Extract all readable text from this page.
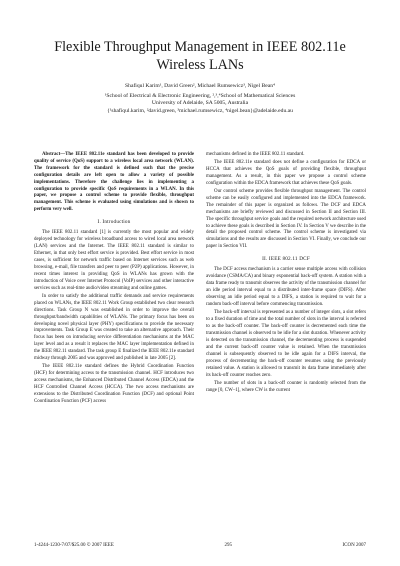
Flexible Throughput Management in IEEE 802.11e Wireless LANs
Shafiqul Karim¹, David Green², Michael Rumsewicz³, Nigel Bean⁴
¹School of Electrical & Electronic Engineering, ²,³,⁴School of Mathematical Sciences
University of Adelaide, SA 5005, Australia
{¹shafiqul.karim, ²david.green, ³michael.rumsewicz, ⁴nigel.bean}@adelaide.edu.au

Abstract—The IEEE 802.11e standard has been developed to provide quality of service (QoS) support to a wireless local area network (WLAN). The framework for the standard is defined such that the precise configuration details are left open to allow a variety of possible implementations. Therefore the challenge lies in implementing a configuration to provide specific QoS requirements in a WLAN. In this paper, we propose a control scheme to provide flexible, throughput management. This scheme is evaluated using simulations and is shown to perform very well.

I. Introduction

The IEEE 802.11 standard [1] is currently the most popular and widely deployed technology for wireless broadband access to wired local area network (LAN) services and the Internet. The IEEE 802.11 standard is similar to Ethernet, in that only best effort service is provided. Best effort service in most cases, is sufficient for network traffic based on Internet services such as web browsing, e-mail, file transfers and peer to peer (P2P) applications. However, in recent times interest in providing QoS in WLANs has grown with the introduction of Voice over Internet Protocol (VoIP) services and other interactive services such as real-time audio/video streaming and online games.

In order to satisfy the additional traffic demands and service requirements placed on WLANs, the IEEE 802.11 Work Group established two clear research directions. Task Group N was established in order to improve the overall throughput/bandwidth capabilities of WLANs. The primary focus has been on developing novel physical layer (PHY) specifications to provide the necessary improvements. Task Group E was created to take an alternative approach. Their focus has been on introducing service differentiation mechanisms at the MAC layer level and as a result it replaces the MAC layer implementation defined in the IEEE 802.11 standard. The task group E finalized the IEEE 802.11e standard midway through 2005 and was approved and published in late 2005 [2].

The IEEE 802.11e standard defines the Hybrid Coordination Function (HCF) for determining access to the transmission channel. HCF introduces two access mechanisms, the Enhanced Distributed Channel Access (EDCA) and the HCF Controlled Channel Access (HCCA). The two access mechanisms are extensions to the Distributed Coordination Function (DCF) and optional Point Coordination Function (PCF) access

mechanisms defined in the IEEE 802.11 standard.

The IEEE 802.11e standard does not define a configuration for EDCA or HCCA that achieves the QoS goals of providing flexible, throughput management. As a result, in this paper we propose a control scheme configuration within the EDCA framework that achieves these QoS goals.

Our control scheme provides flexible throughput management. The control scheme can be easily configured and implemented into the EDCA framework. The remainder of this paper is organized as follows. The DCF and EDCA mechanisms are briefly reviewed and discussed in Section II and Section III. The specific throughput service goals and the required network architecture used to achieve these goals is described in Section IV. In Section V we describe in the detail the proposed control scheme. The control scheme is investigated via simulations and the results are discussed in Section VI. Finally, we conclude our paper in Section VII.

II. IEEE 802.11 DCF

The DCF access mechanism is a carrier sense multiple access with collision avoidance (CSMA/CA) and binary exponential back-off system. A station with a data frame ready to transmit observes the activity of the transmission channel for an idle period interval equal to a distributed inter-frame space (DIFS). After observing an idle period equal to a DIFS, a station is required to wait for a random back-off interval before commencing transmission.

The back-off interval is represented as a number of integer slots, a slot refers to a fixed duration of time and the total number of slots in the interval is referred to as the back-off counter. The back-off counter is decremented each time the transmission channel is observed to be idle for a slot duration. Whenever activity is detected on the transmission channel, the decrementing process is suspended and the current back-off counter value is retained. When the transmission channel is subsequently observed to be idle again for a DIFS interval, the process of decrementing the back-off counter resumes using the previously retained value. A station is allowed to transmit its data frame immediately after its back-off counter reaches zero.

The number of slots in a back-off counter is randomly selected from the range [0, CW–1], where CW is the current

1-4244-1230-7/07/$25.00 © 2007 IEEE	295	ICON 2007
